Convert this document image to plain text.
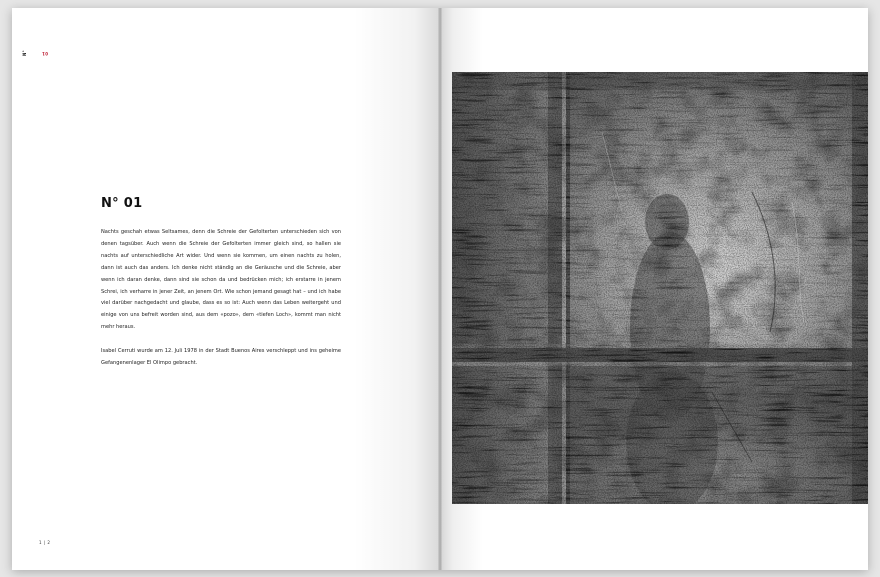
01
N°
N° 01

Nachts geschah etwas Seltsames, denn die Schreie der Gefolterten unterschieden sich von denen tagsüber. Auch wenn die Schreie der Gefolterten immer gleich sind, so hallen sie nachts auf unterschiedliche Art wider. Und wenn sie kommen, um einen nachts zu holen, dann ist auch das anders. Ich denke nicht ständig an die Geräusche und die Schreie, aber wenn ich daran denke, dann sind sie schon da und bedrücken mich; ich erstarre in jenem Schrei, ich verharre in jener Zeit, an jenem Ort. Wie schon jemand gesagt hat – und ich habe viel darüber nachgedacht und glaube, dass es so ist: Auch wenn das Leben weitergeht und einige von uns befreit worden sind, aus dem «pozo», dem «tiefen Loch», kommt man nicht mehr heraus.

Isabel Cerruti wurde am 12. Juli 1978 in der Stadt Buenos Aires verschleppt und ins geheime Gefangenenlager El Olimpo gebracht.

1 | 2
